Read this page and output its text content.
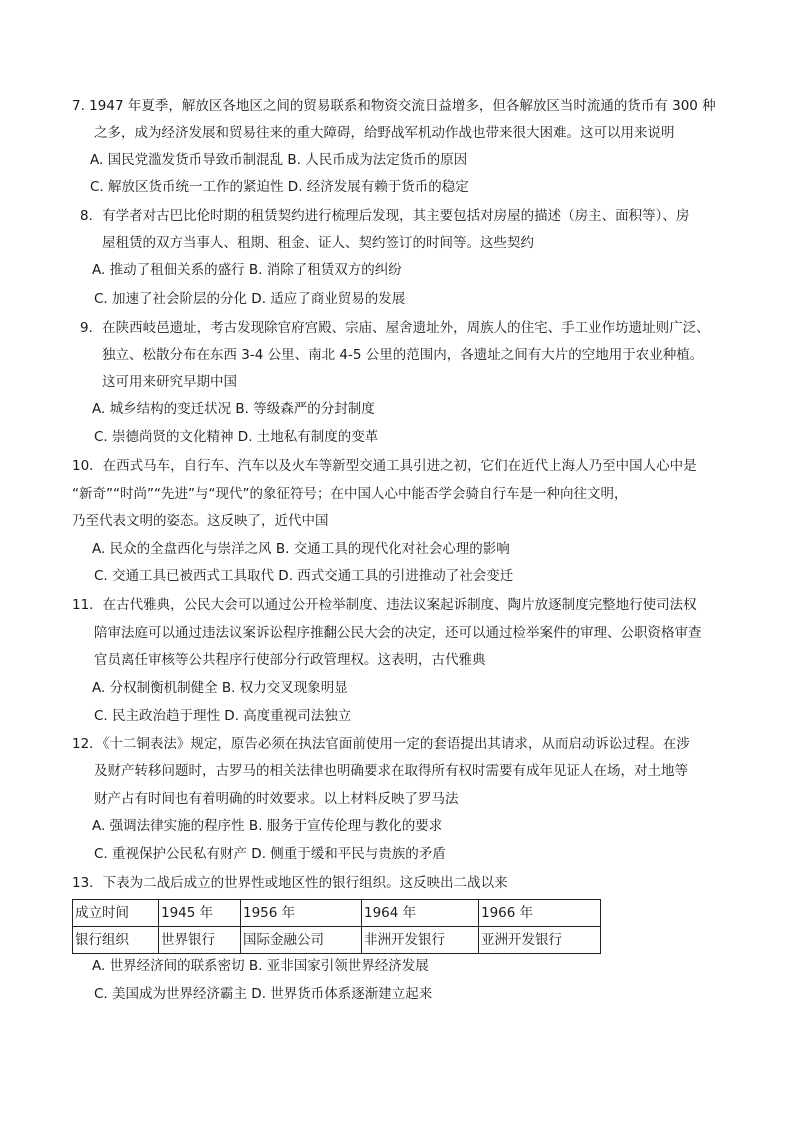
7. 1947 年夏季，解放区各地区之间的贸易联系和物资交流日益增多，但各解放区当时流通的货币有 300 种
之多，成为经济发展和贸易往来的重大障碍，给野战军机动作战也带来很大困难。这可以用来说明
A. 国民党滥发货币导致币制混乱 B. 人民币成为法定货币的原因
C. 解放区货币统一工作的紧迫性 D. 经济发展有赖于货币的稳定
8．有学者对古巴比伦时期的租赁契约进行梳理后发现，其主要包括对房屋的描述（房主、面积等）、房
屋租赁的双方当事人、租期、租金、证人、契约签订的时间等。这些契约
A. 推动了租佃关系的盛行 B. 消除了租赁双方的纠纷
C. 加速了社会阶层的分化 D. 适应了商业贸易的发展
9．在陕西岐邑遗址，考古发现除官府宫殿、宗庙、屋舍遗址外，周族人的住宅、手工业作坊遗址则广泛、
独立、松散分布在东西 3-4 公里、南北 4-5 公里的范围内，各遗址之间有大片的空地用于农业种植。
这可用来研究早期中国
A. 城乡结构的变迁状况 B. 等级森严的分封制度
C. 崇德尚贤的文化精神 D. 土地私有制度的变革
10．在西式马车，自行车、汽车以及火车等新型交通工具引进之初，它们在近代上海人乃至中国人心中是
“新奇”“时尚”“先进”与“现代”的象征符号；在中国人心中能否学会骑自行车是一种向往文明，
乃至代表文明的姿态。这反映了，近代中国
A. 民众的全盘西化与崇洋之风 B. 交通工具的现代化对社会心理的影响
C. 交通工具已被西式工具取代 D. 西式交通工具的引进推动了社会变迁
11．在古代雅典，公民大会可以通过公开检举制度、违法议案起诉制度、陶片放逐制度完整地行使司法权
陪审法庭可以通过违法议案诉讼程序推翻公民大会的决定，还可以通过检举案件的审理、公职资格审查
官员离任审核等公共程序行使部分行政管理权。这表明，古代雅典
A. 分权制衡机制健全 B. 权力交叉现象明显
C. 民主政治趋于理性 D. 高度重视司法独立
12．《十二铜表法》规定，原告必须在执法官面前使用一定的套语提出其请求，从而启动诉讼过程。在涉
及财产转移问题时，古罗马的相关法律也明确要求在取得所有权时需要有成年见证人在场，对土地等
财产占有时间也有着明确的时效要求。以上材料反映了罗马法
A. 强调法律实施的程序性 B. 服务于宣传伦理与教化的要求
C. 重视保护公民私有财产 D. 侧重于缓和平民与贵族的矛盾
13．下表为二战后成立的世界性或地区性的银行组织。这反映出二战以来
成立时间	1945 年	1956 年	1964 年	1966 年
银行组织	世界银行	国际金融公司	非洲开发银行	亚洲开发银行
A. 世界经济间的联系密切 B. 亚非国家引领世界经济发展
C. 美国成为世界经济霸主 D. 世界货币体系逐渐建立起来
